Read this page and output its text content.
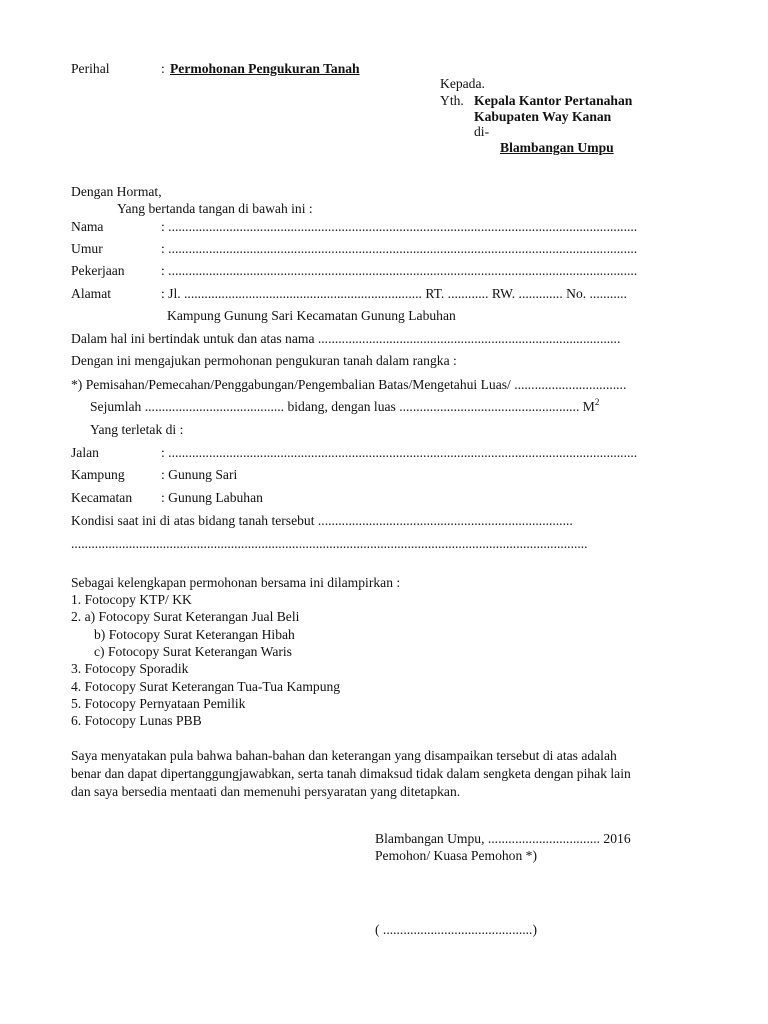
Perihal	: Permohonan Pengukuran Tanah
Kepada.
Yth. Kepala Kantor Pertanahan
Kabupaten Way Kanan
di-
Blambangan Umpu
Dengan Hormat,
Yang bertanda tangan di bawah ini :
Nama	: ..........................................................................................................................................
Umur	: ..........................................................................................................................................
Pekerjaan	: ..........................................................................................................................................
Alamat	: Jl. ...................................................................... RT. ............ RW. ............. No. ...........
Kampung Gunung Sari Kecamatan Gunung Labuhan
Dalam hal ini bertindak untuk dan atas nama .........................................................................................
Dengan ini mengajukan permohonan pengukuran tanah dalam rangka :
*) Pemisahan/Pemecahan/Penggabungan/Pengembalian Batas/Mengetahui Luas/ .................................
Sejumlah ......................................... bidang, dengan luas ..................................................... $M^2$
Yang terletak di :
Jalan	: ..........................................................................................................................................
Kampung	: Gunung Sari
Kecamatan : Gunung Labuhan
Kondisi saat ini di atas bidang tanah tersebut ...........................................................................
........................................................................................................................................................
Sebagai kelengkapan permohonan bersama ini dilampirkan :
1. Fotocopy KTP/ KK
2. a) Fotocopy Surat Keterangan Jual Beli
b) Fotocopy Surat Keterangan Hibah
c) Fotocopy Surat Keterangan Waris
3. Fotocopy Sporadik
4. Fotocopy Surat Keterangan Tua-Tua Kampung
5. Fotocopy Pernyataan Pemilik
6. Fotocopy Lunas PBB
Saya menyatakan pula bahwa bahan-bahan dan keterangan yang disampaikan tersebut di atas adalah
benar dan dapat dipertanggungjawabkan, serta tanah dimaksud tidak dalam sengketa dengan pihak lain
dan saya bersedia mentaati dan memenuhi persyaratan yang ditetapkan.
Blambangan Umpu, ................................. 2016
Pemohon/ Kuasa Pemohon *)
( ............................................)
